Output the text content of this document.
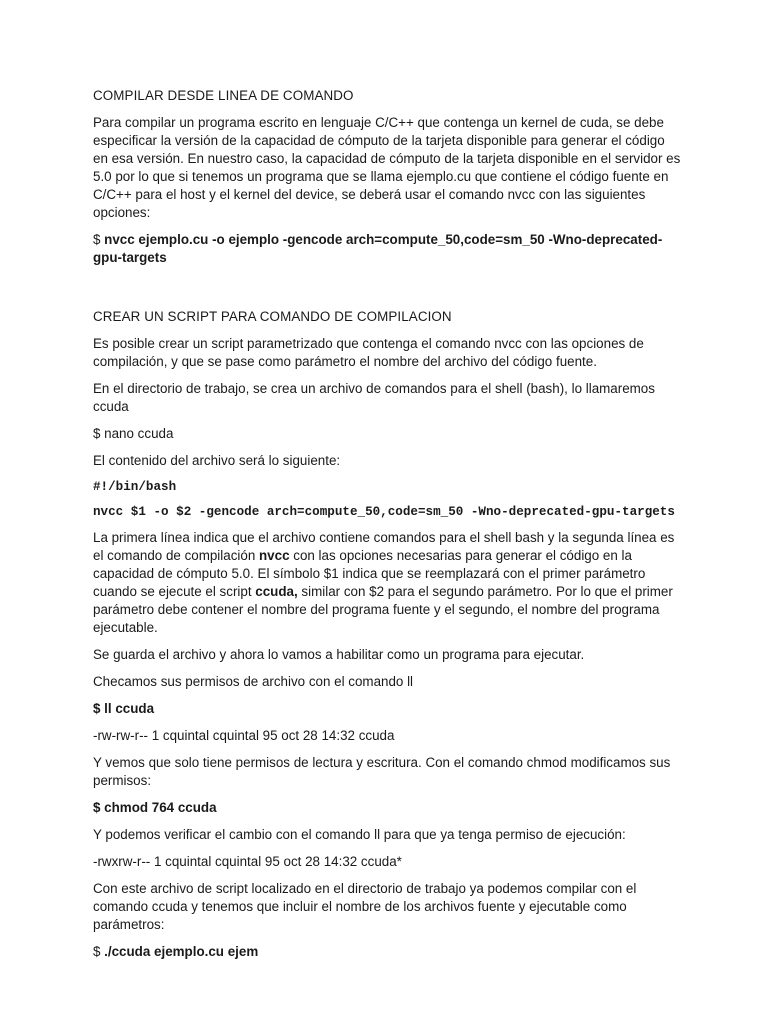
COMPILAR DESDE LINEA DE COMANDO
Para compilar un programa escrito en lenguaje C/C++ que contenga un kernel de cuda, se debe especificar la versión de la capacidad de cómputo de la tarjeta disponible para generar el código en esa versión. En nuestro caso, la capacidad de cómputo de la tarjeta disponible en el servidor es 5.0 por lo que si tenemos un programa que se llama ejemplo.cu que contiene el código fuente en C/C++ para el host y el kernel del device, se deberá usar el comando nvcc con las siguientes opciones:
$ nvcc ejemplo.cu -o ejemplo -gencode arch=compute_50,code=sm_50 -Wno-deprecated-gpu-targets
CREAR UN SCRIPT PARA COMANDO DE COMPILACION
Es posible crear un script parametrizado que contenga el comando nvcc con las opciones de compilación, y que se pase como parámetro el nombre del archivo del código fuente.
En el directorio de trabajo, se crea un archivo de comandos para el shell (bash), lo llamaremos ccuda
$ nano ccuda
El contenido del archivo será lo siguiente:
#!/bin/bash
nvcc $1 -o $2 -gencode arch=compute_50,code=sm_50 -Wno-deprecated-gpu-targets
La primera línea indica que el archivo contiene comandos para el shell bash y la segunda línea es el comando de compilación nvcc con las opciones necesarias para generar el código en la capacidad de cómputo 5.0. El símbolo $1 indica que se reemplazará con el primer parámetro cuando se ejecute el script ccuda, similar con $2 para el segundo parámetro. Por lo que el primer parámetro debe contener el nombre del programa fuente y el segundo, el nombre del programa ejecutable.
Se guarda el archivo y ahora lo vamos a habilitar como un programa para ejecutar.
Checamos sus permisos de archivo con el comando ll
$ ll ccuda
-rw-rw-r-- 1 cquintal cquintal 95 oct 28 14:32 ccuda
Y vemos que solo tiene permisos de lectura y escritura. Con el comando chmod modificamos sus permisos:
$ chmod 764 ccuda
Y podemos verificar el cambio con el comando ll para que ya tenga permiso de ejecución:
-rwxrw-r-- 1 cquintal cquintal 95 oct 28 14:32 ccuda*
Con este archivo de script localizado en el directorio de trabajo ya podemos compilar con el comando ccuda y tenemos que incluir el nombre de los archivos fuente y ejecutable como parámetros:
$ ./ccuda ejemplo.cu ejem
